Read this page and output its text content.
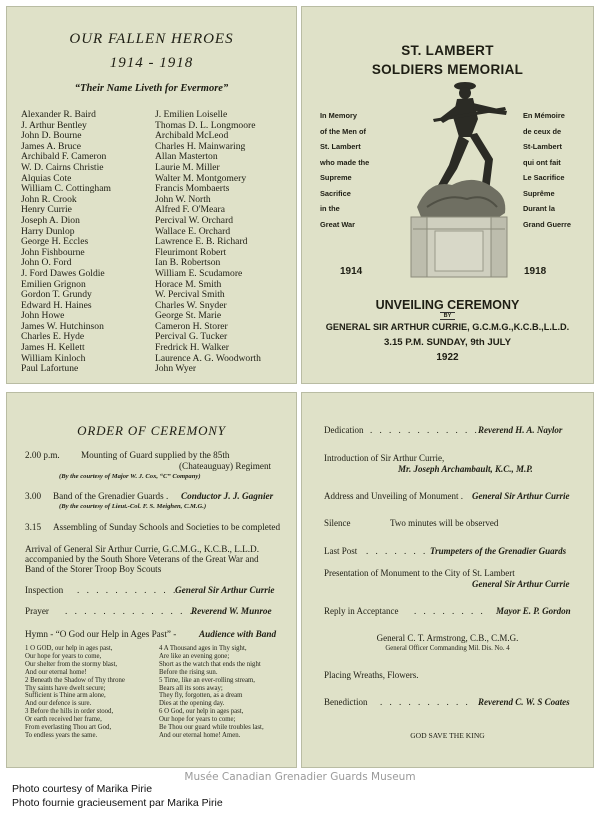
OUR FALLEN HEROES
1914 - 1918
“Their Name Liveth for Evermore”
Alexander R. Baird
J. Arthur Bentley
John D. Bourne
James A. Bruce
Archibald F. Cameron
W. D. Cairns Christie
Alquias Cote
William C. Cottingham
John R. Crook
Henry Currie
Joseph A. Dion
Harry Dunlop
George H. Eccles
John Fishbourne
John O. Ford
J. Ford Dawes Goldie
Emilien Grignon
Gordon T. Grundy
Edward H. Haines
John Howe
James W. Hutchinson
Charles E. Hyde
James H. Kellett
William Kinloch
Paul Lafortune
J. Emilien Loiselle
Thomas D. L. Longmoore
Archibald McLeod
Charles H. Mainwaring
Allan Masterton
Laurie M. Miller
Walter M. Montgomery
Francis Mombaerts
John W. North
Alfred F. O'Meara
Percival W. Orchard
Wallace E. Orchard
Lawrence E. B. Richard
Fleurimont Robert
Ian B. Robertson
William E. Scudamore
Horace M. Smith
W. Percival Smith
Charles W. Snyder
George St. Marie
Cameron H. Storer
Percival G. Tucker
Fredrick H. Walker
Laurence A. G. Woodworth
John Wyer
ST. LAMBERT
SOLDIERS MEMORIAL
In Memory
of the Men of
St. Lambert
who made the
Supreme
Sacrifice
in the
Great War
En Mémoire
de ceux de
St-Lambert
qui ont fait
Le Sacrifice
Suprême
Durant la
Grand Guerre
1914	1918
UNVEILING CEREMONY
BY
GENERAL SIR ARTHUR CURRIE, G.C.M.G.,K.C.B.,L.L.D.
3.15 P.M. SUNDAY, 9th JULY
1922
ORDER OF CEREMONY
2.00 p.m. Mounting of Guard supplied by the 85th
(Chateauguay) Regiment
(By the courtesy of Major W. J. Cox, “C” Company)
3.00 Band of the Grenadier Guards . Conductor J. J. Gagnier
(By the courtesy of Lieut.-Col. F. S. Meighen, C.M.G.)
3.15 Assembling of Sunday Schools and Societies to be completed
Arrival of General Sir Arthur Currie, G.C.M.G., K.C.B., L.L.D.
accompanied by the South Shore Veterans of the Great War and
Band of the Storer Troop Boy Scouts
Inspection . . . . . . . . . . . .
General Sir Arthur Currie
Prayer . . . . . . . . . . . . . .
Reverend W. Munroe
Hymn - “O God our Help in Ages Past” - Audience with Band
1 O GOD, our help in ages past,
Our hope for years to come,
Our shelter from the stormy blast,
And our eternal home!
2 Beneath the Shadow of Thy throne
Thy saints have dwelt secure;
Sufficient is Thine arm alone,
And our defence is sure.
3 Before the hills in order stood,
Or earth received her frame,
From everlasting Thou art God,
To endless years the same.
4 A Thousand ages in Thy sight,
Are like an evening gone;
Short as the watch that ends the night
Before the rising sun.
5 Time, like an ever-rolling stream,
Bears all its sons away;
They fly, forgotten, as a dream
Dies at the opening day.
6 O God, our help in ages past,
Our hope for years to come;
Be Thou our guard while troubles last,
And our eternal home! Amen.
Dedication . . . . . . . . . . . .
Reverend H. A. Naylor
Introduction of Sir Arthur Currie,
Mr. Joseph Archambault, K.C., M.P.
Address and Unveiling of Monument . General Sir Arthur Currie
Silence	Two minutes will be observed
Last Post . . . . . . . Trumpeters of the Grenadier Guards
Presentation of Monument to the City of St. Lambert
General Sir Arthur Currie
Reply in Acceptance . . . . . . . . Mayor E. P. Gordon
General C. T. Armstrong, C.B., C.M.G.
General Officer Commanding Mil. Dis. No. 4
Placing Wreaths, Flowers.
Benediction . . . . . . . . . . Reverend C. W. S Coates
GOD SAVE THE KING
Musée Canadian Grenadier Guards Museum
Photo courtesy of Marika Pirie
Photo fournie gracieusement par Marika Pirie
